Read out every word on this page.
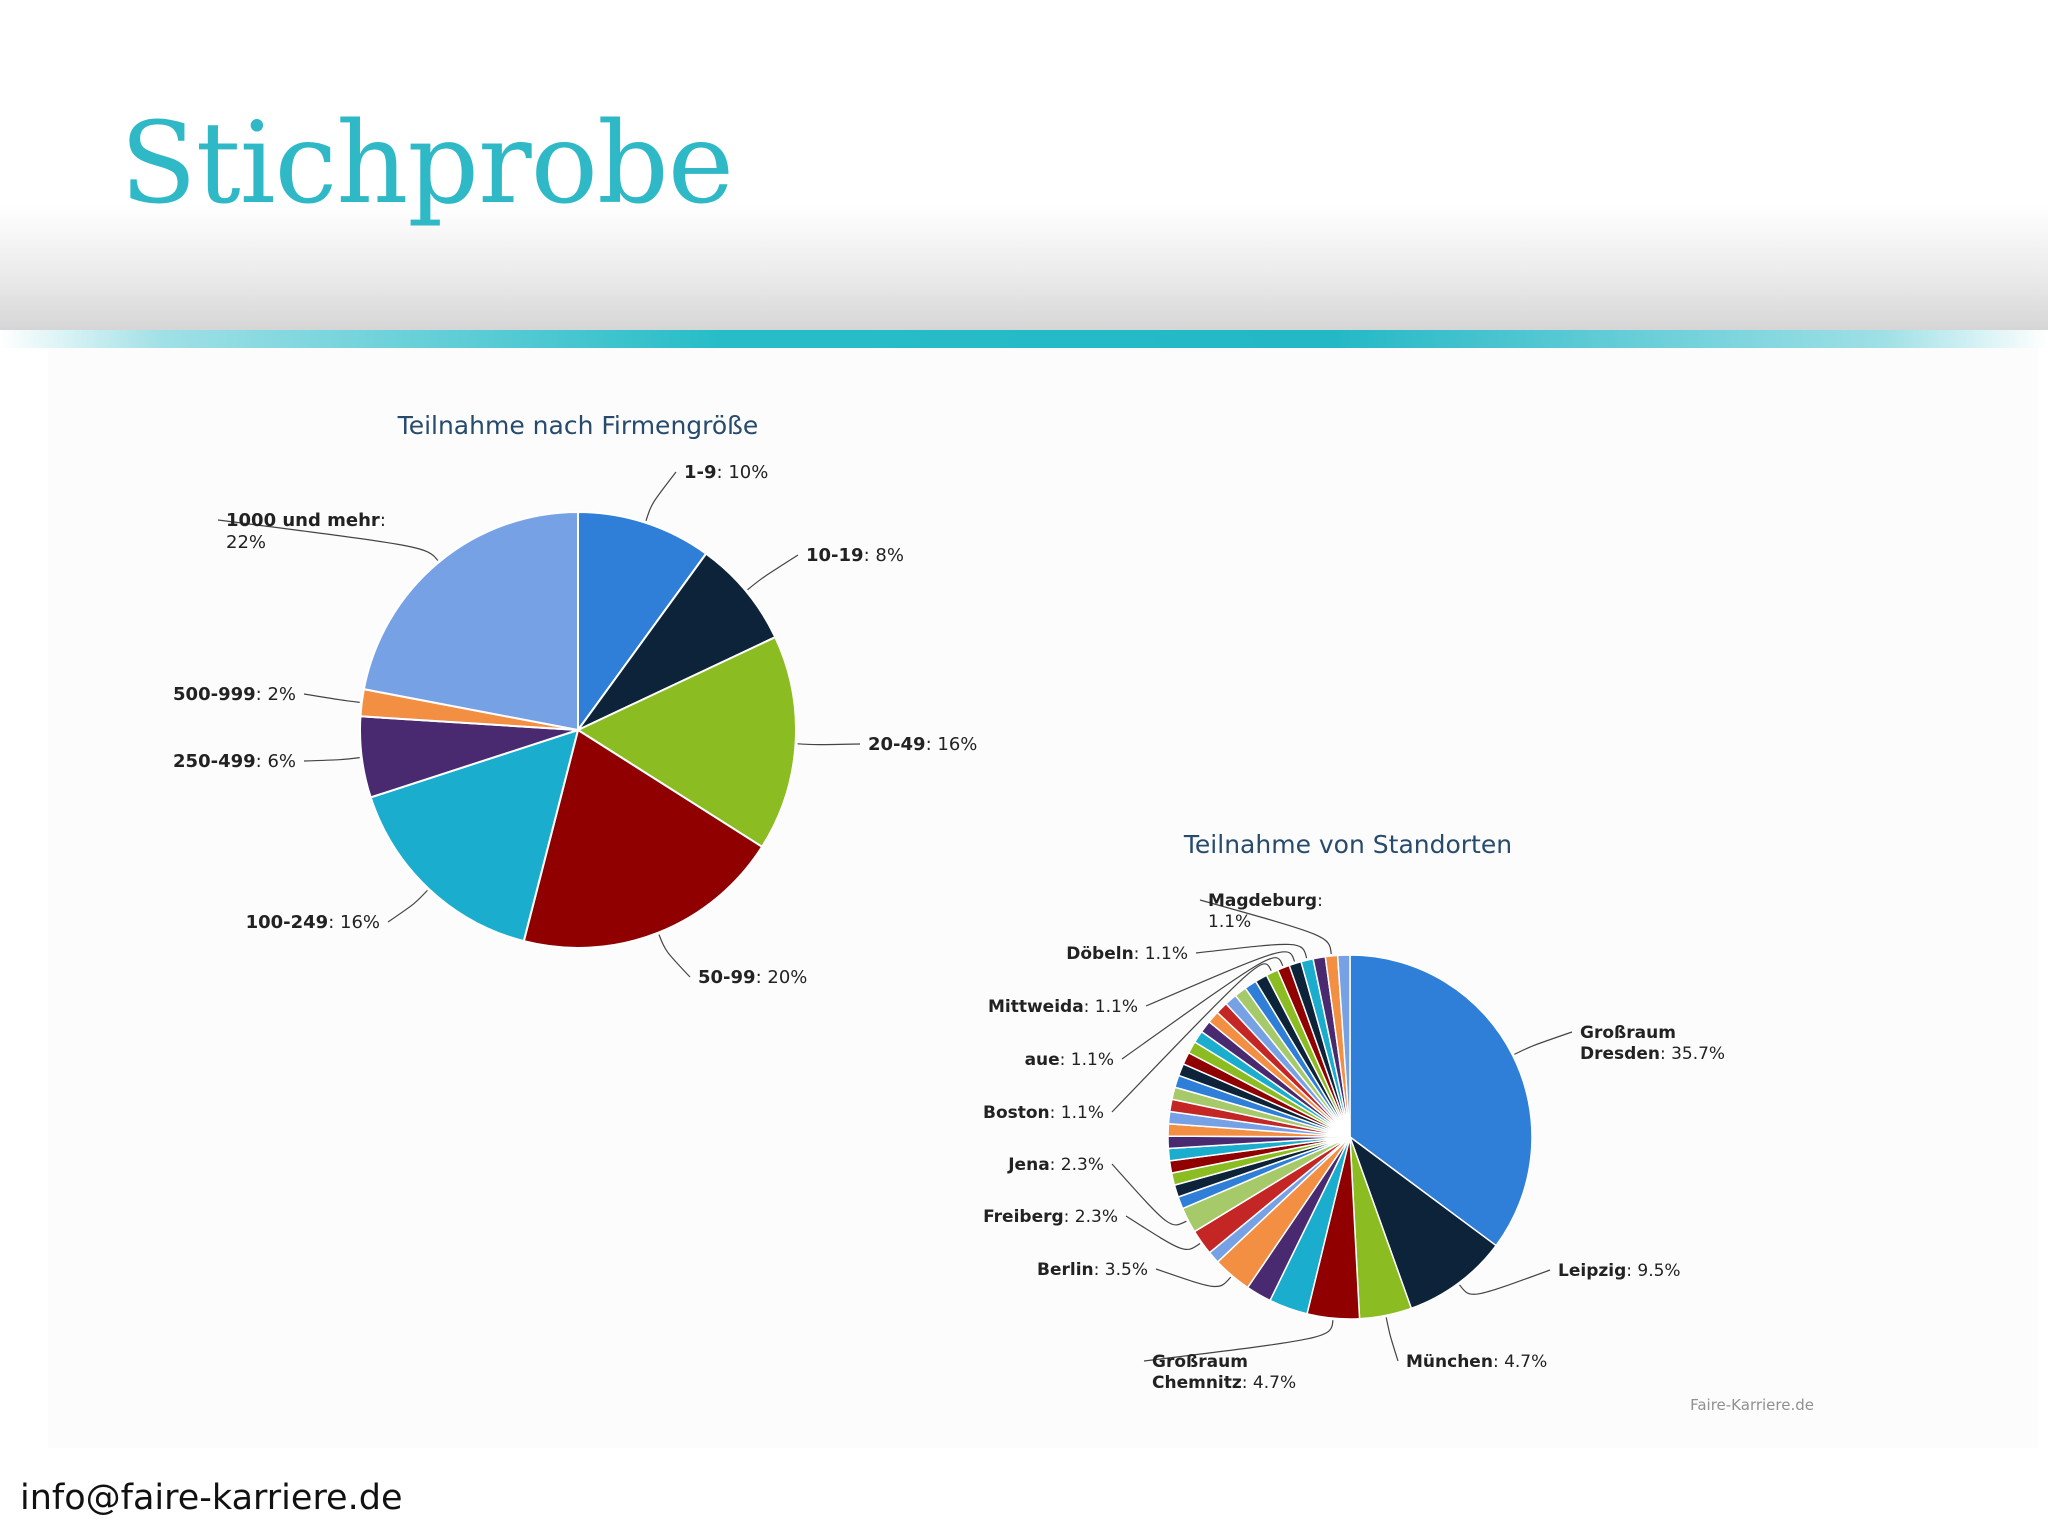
Stichprobe
Teilnahme nach Firmengröße
1-9: 10%
10-19: 8%
20-49: 16%
50-99: 20%
100-249: 16%
250-499: 6%
500-999: 2%
1000 und mehr: 22%
Teilnahme von Standorten
Großraum Dresden: 35.7%
Leipzig: 9.5%
München: 4.7%
Großraum Chemnitz: 4.7%
Berlin: 3.5%
Freiberg: 2.3%
Jena: 2.3%
Boston: 1.1%
aue: 1.1%
Mittweida: 1.1%
Döbeln: 1.1%
Magdeburg: 1.1%
Faire-Karriere.de
info@faire-karriere.de
